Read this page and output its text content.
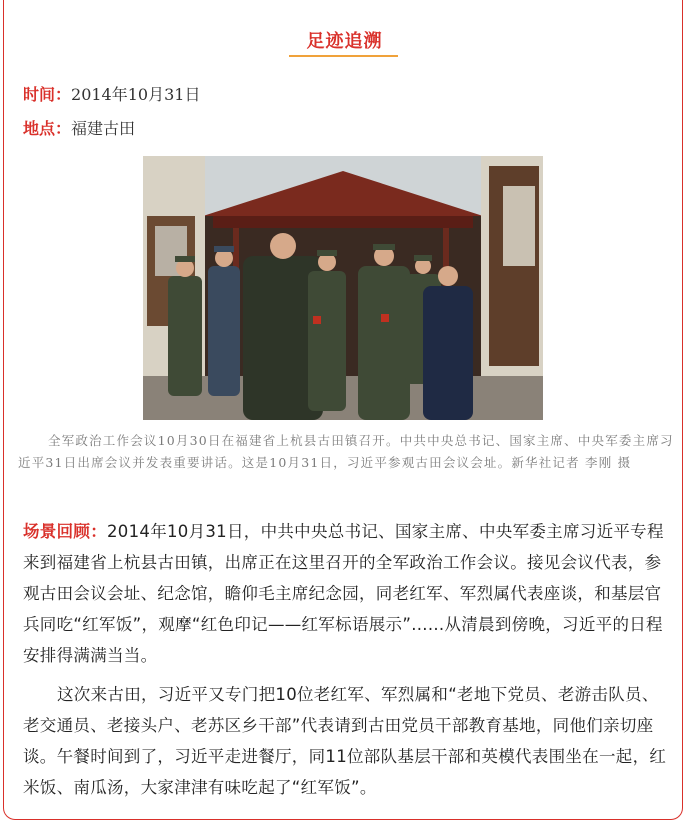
足迹追溯
时间：2014年10月31日
地点：福建古田
全军政治工作会议10月30日在福建省上杭县古田镇召开。中共中央总书记、国家主席、中央军委主席习近平31日出席会议并发表重要讲话。这是10月31日，习近平参观古田会议会址。新华社记者 李刚 摄
场景回顾：2014年10月31日，中共中央总书记、国家主席、中央军委主席习近平专程来到福建省上杭县古田镇，出席正在这里召开的全军政治工作会议。接见会议代表，参观古田会议会址、纪念馆，瞻仰毛主席纪念园，同老红军、军烈属代表座谈，和基层官兵同吃“红军饭”，观摩“红色印记——红军标语展示”......从清晨到傍晚，习近平的日程安排得满满当当。
这次来古田，习近平又专门把10位老红军、军烈属和“老地下党员、老游击队员、老交通员、老接头户、老苏区乡干部”代表请到古田党员干部教育基地，同他们亲切座谈。午餐时间到了，习近平走进餐厅，同11位部队基层干部和英模代表围坐在一起，红米饭、南瓜汤，大家津津有味吃起了“红军饭”。
